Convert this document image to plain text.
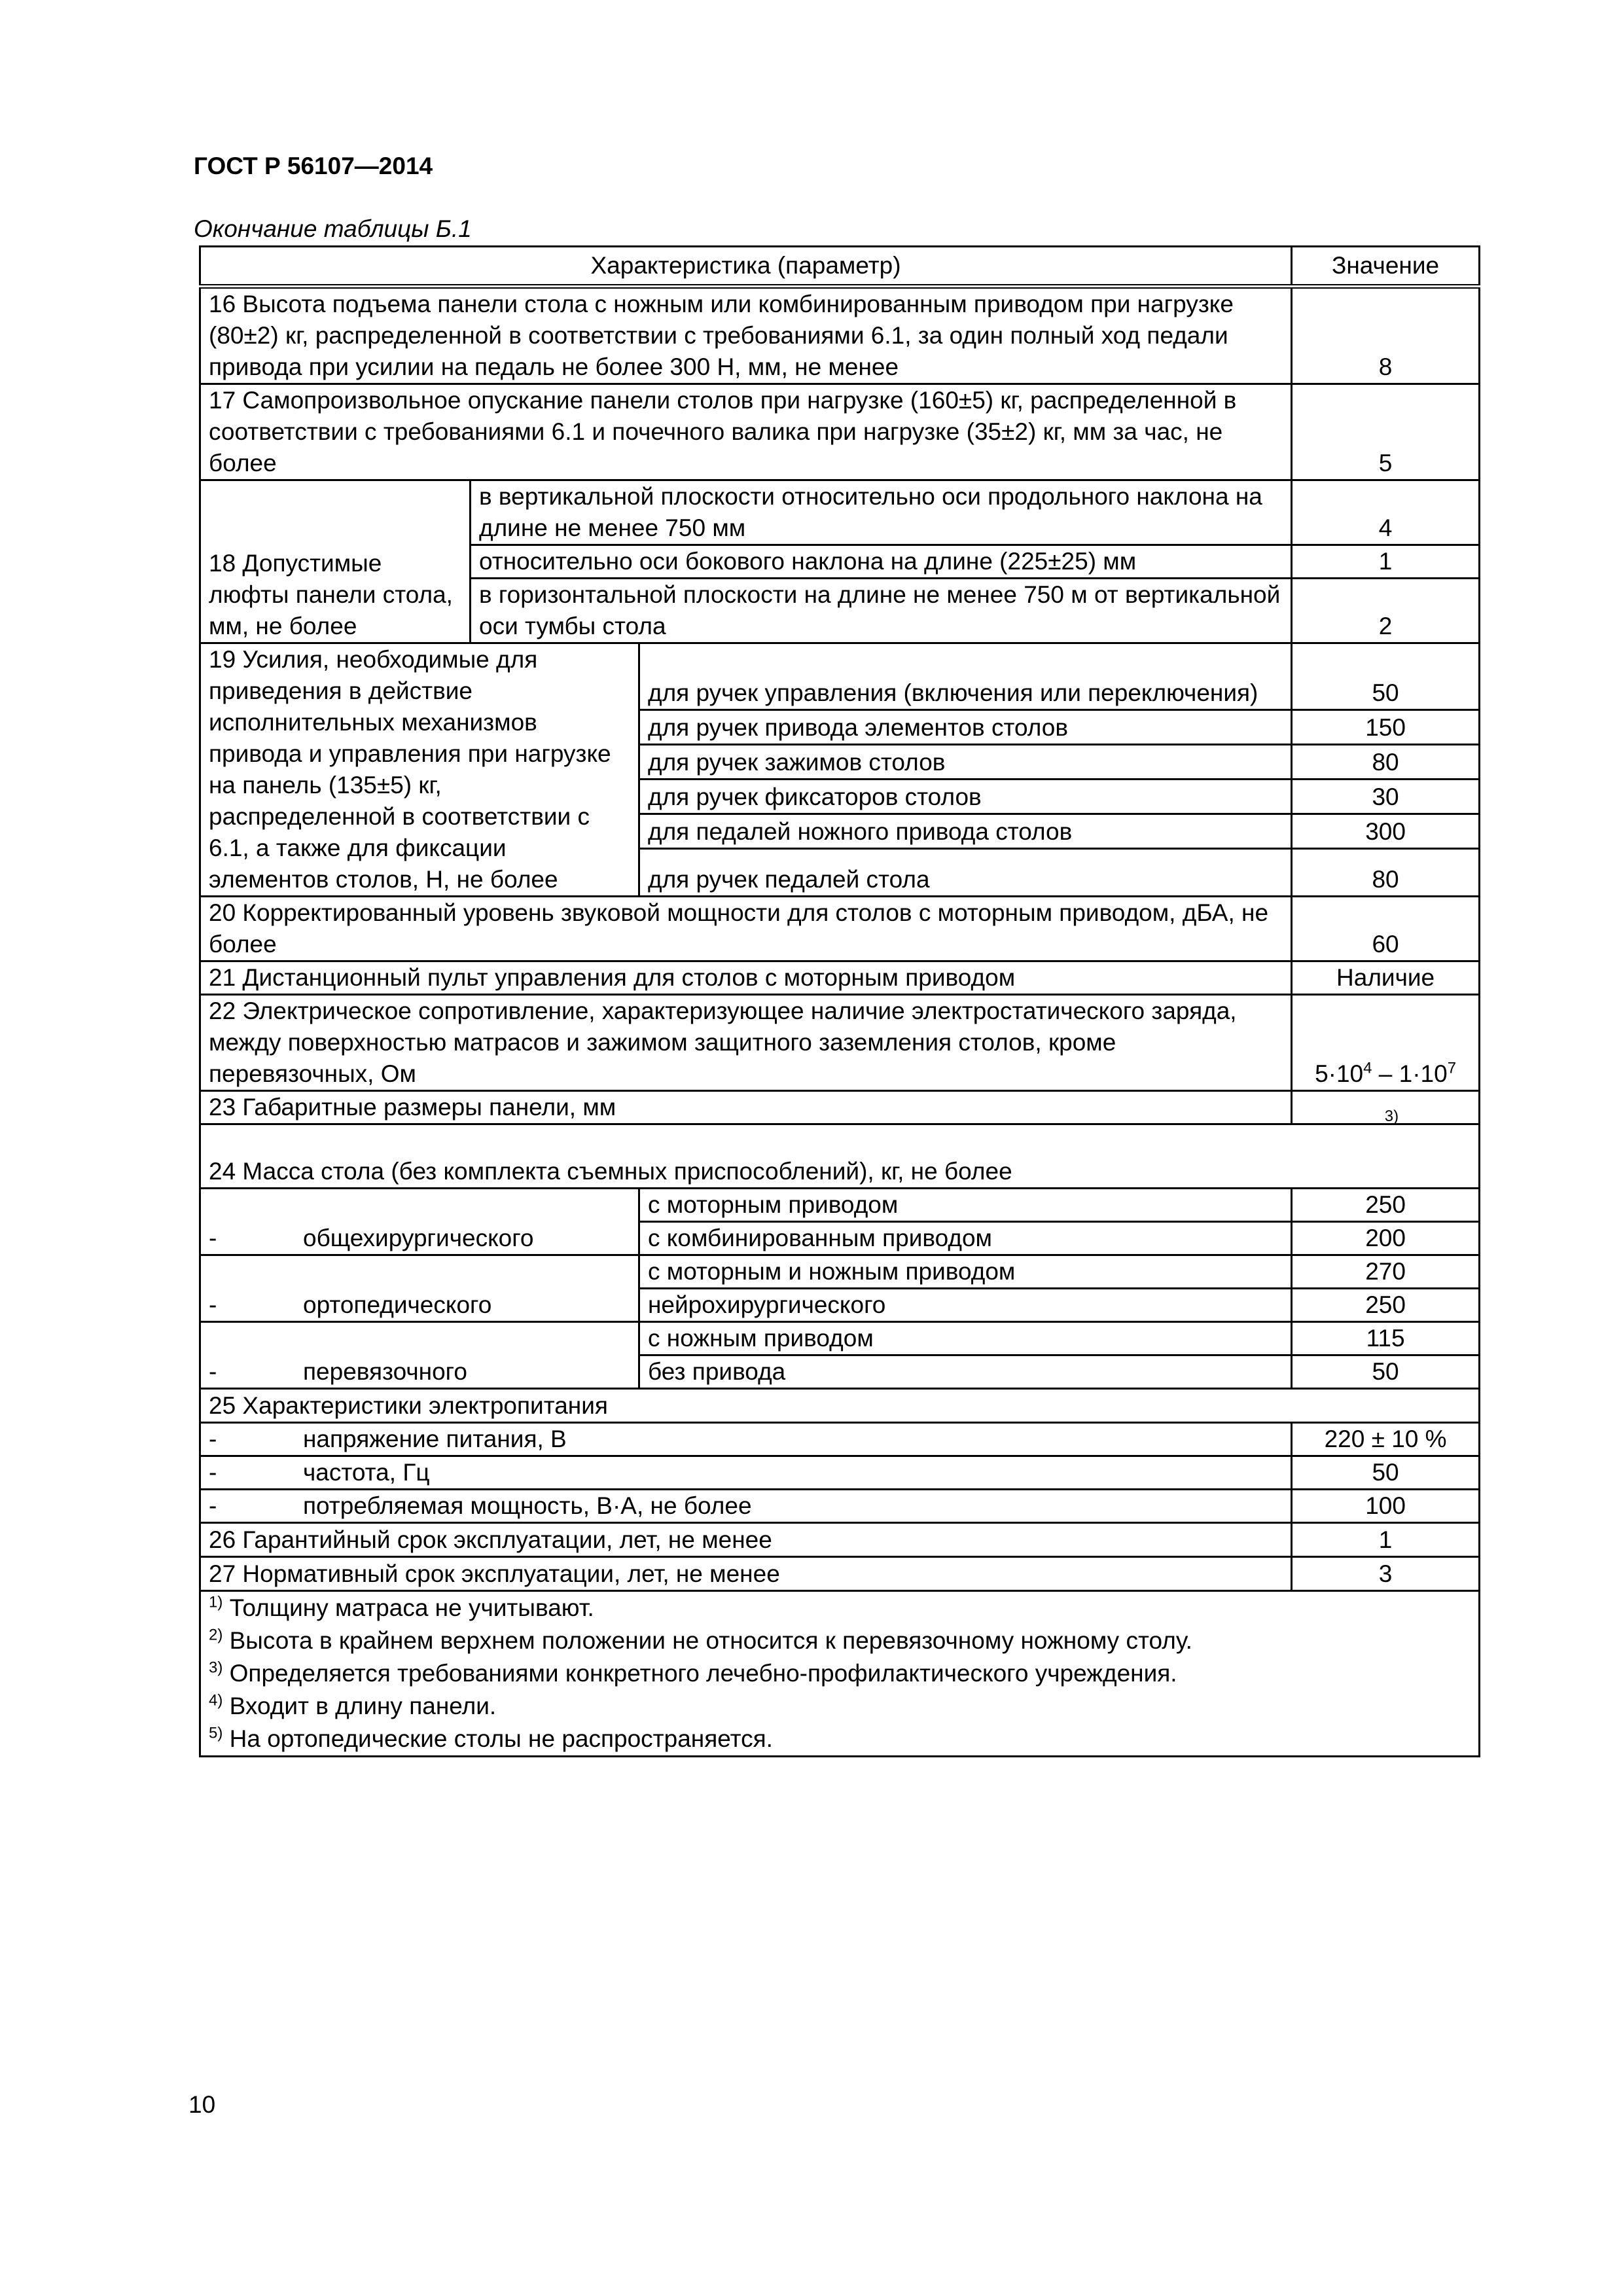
ГОСТ Р 56107—2014
Окончание таблицы Б.1
Характеристика (параметр)			Значение
16 Высота подъема панели стола с ножным или комбинированным приводом при нагрузке (80±2) кг, распределенной в соответствии с требованиями 6.1, за один полный ход педали привода при усилии на педаль не более 300 Н, мм, не менее			8
17 Самопроизвольное опускание панели столов при нагрузке (160±5) кг, распределенной в соответствии с требованиями 6.1 и почечного валика при нагрузке (35±2) кг, мм за час, не более			5
18 Допустимые люфты панели стола, мм, не более	в вертикальной плоскости относительно оси продольного наклона на длине не менее 750 мм		4
	относительно оси бокового наклона на длине (225±25) мм		1
	в горизонтальной плоскости на длине не менее 750 м от вертикальной оси тумбы стола		2
19 Усилия, необходимые для приведения в действие исполнительных механизмов привода и управления при нагрузке на панель (135±5) кг, распределенной в соответствии с 6.1, а также для фиксации элементов столов, Н, не более		для ручек управления (включения или переключения)	50
		для ручек привода элементов столов	150
		для ручек зажимов столов	80
		для ручек фиксаторов столов	30
		для педалей ножного привода столов	300
		для ручек педалей стола	80
20 Корректированный уровень звуковой мощности для столов с моторным приводом, дБА, не более			60
21 Дистанционный пульт управления для столов с моторным приводом			Наличие
22 Электрическое сопротивление, характеризующее наличие электростатического заряда, между поверхностью матрасов и зажимом защитного заземления столов, кроме перевязочных, Ом			$5\cdot 10^4 - 1\cdot 10^7$
23 Габаритные размеры панели, мм			3)

24 Масса стола (без комплекта съемных приспособлений), кг, не более			
- общехирургического		с моторным приводом	250
		с комбинированным приводом	200
- ортопедического		с моторным и ножным приводом	270
		нейрохирургического	250
- перевязочного		с ножным приводом	115
		без привода	50
25 Характеристики электропитания			
- напряжение питания, В			220 ± 10 %
- частота, Гц			50
- потребляемая мощность, В·А, не более			100
26 Гарантийный срок эксплуатации, лет, не менее			1
27 Нормативный срок эксплуатации, лет, не менее			3

$^{1)}$ Толщину матраса не учитывают.
$^{2)}$ Высота в крайнем верхнем положении не относится к перевязочному ножному столу.
$^{3)}$ Определяется требованиями конкретного лечебно-профилактического учреждения.
$^{4)}$ Входит в длину панели.
$^{5)}$ На ортопедические столы не распространяется.			
10
